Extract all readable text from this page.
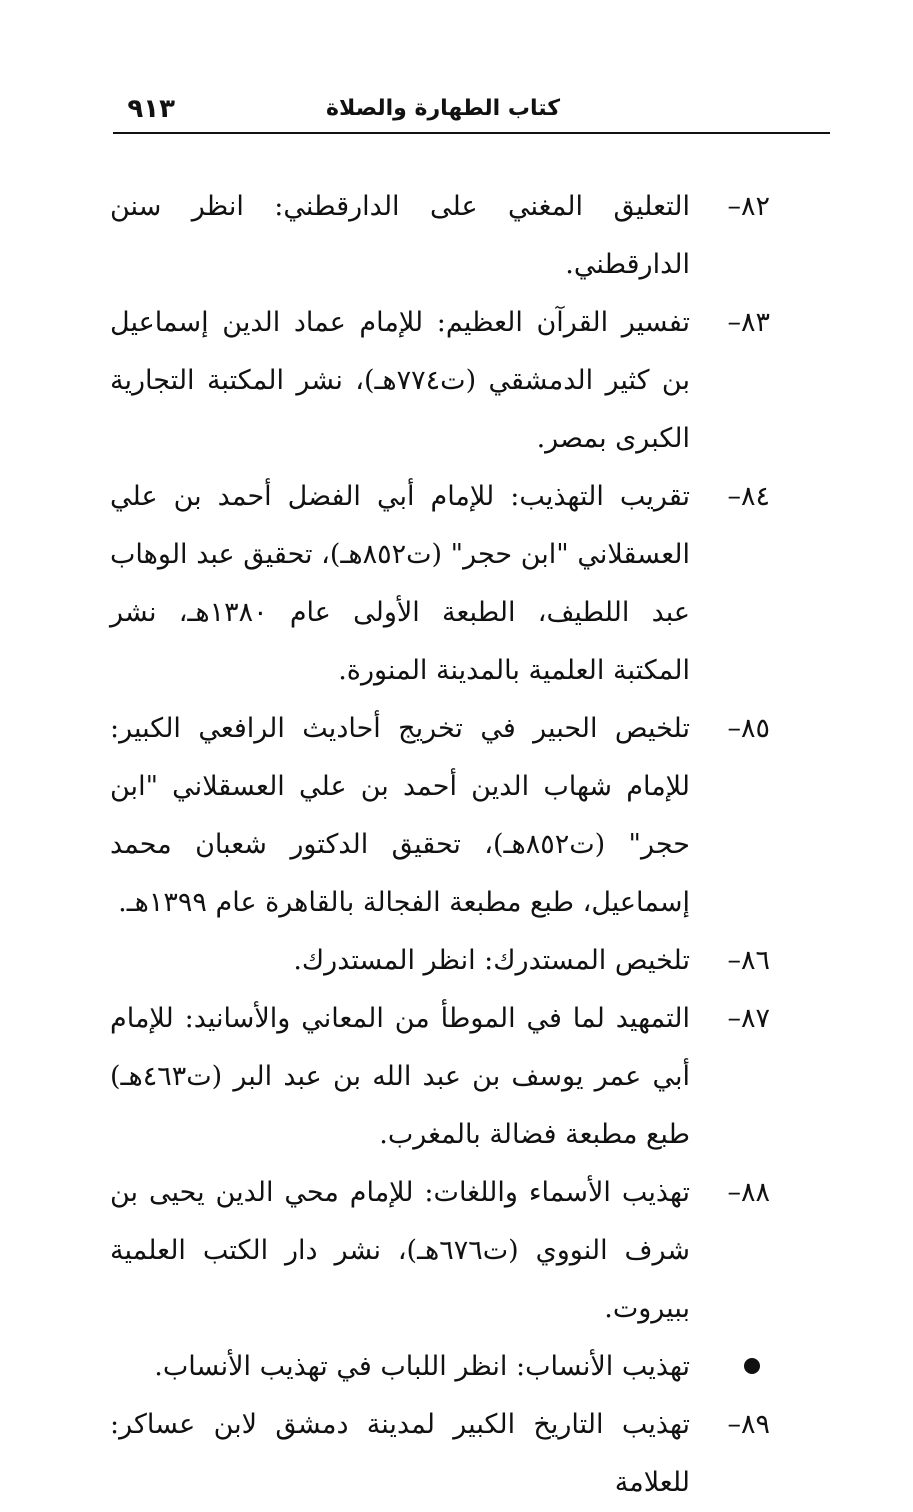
٩١٣	كتاب الطهارة والصلاة
٨٢–
التعليق المغني على الدارقطني: انظر سنن الدارقطني.
٨٣–
تفسير القرآن العظيم: للإمام عماد الدين إسماعيل بن كثير الدمشقي (ت٧٧٤هـ)، نشر المكتبة التجارية الكبرى بمصر.
٨٤–
تقريب التهذيب: للإمام أبي الفضل أحمد بن علي العسقلاني "ابن حجر" (ت٨٥٢هـ)، تحقيق عبد الوهاب عبد اللطيف، الطبعة الأولى عام ١٣٨٠هـ، نشر المكتبة العلمية بالمدينة المنورة.
٨٥–
تلخيص الحبير في تخريج أحاديث الرافعي الكبير: للإمام شهاب الدين أحمد بن علي العسقلاني "ابن حجر" (ت٨٥٢هـ)، تحقيق الدكتور شعبان محمد إسماعيل، طبع مطبعة الفجالة بالقاهرة عام ١٣٩٩هـ.
٨٦–
تلخيص المستدرك: انظر المستدرك.
٨٧–
التمهيد لما في الموطأ من المعاني والأسانيد: للإمام أبي عمر يوسف بن عبد الله بن عبد البر (ت٤٦٣هـ) طبع مطبعة فضالة بالمغرب.
٨٨–
تهذيب الأسماء واللغات: للإمام محي الدين يحيى بن شرف النووي (ت٦٧٦هـ)، نشر دار الكتب العلمية ببيروت.
تهذيب الأنساب: انظر اللباب في تهذيب الأنساب.
٨٩–
تهذيب التاريخ الكبير لمدينة دمشق لابن عساكر: للعلامة
